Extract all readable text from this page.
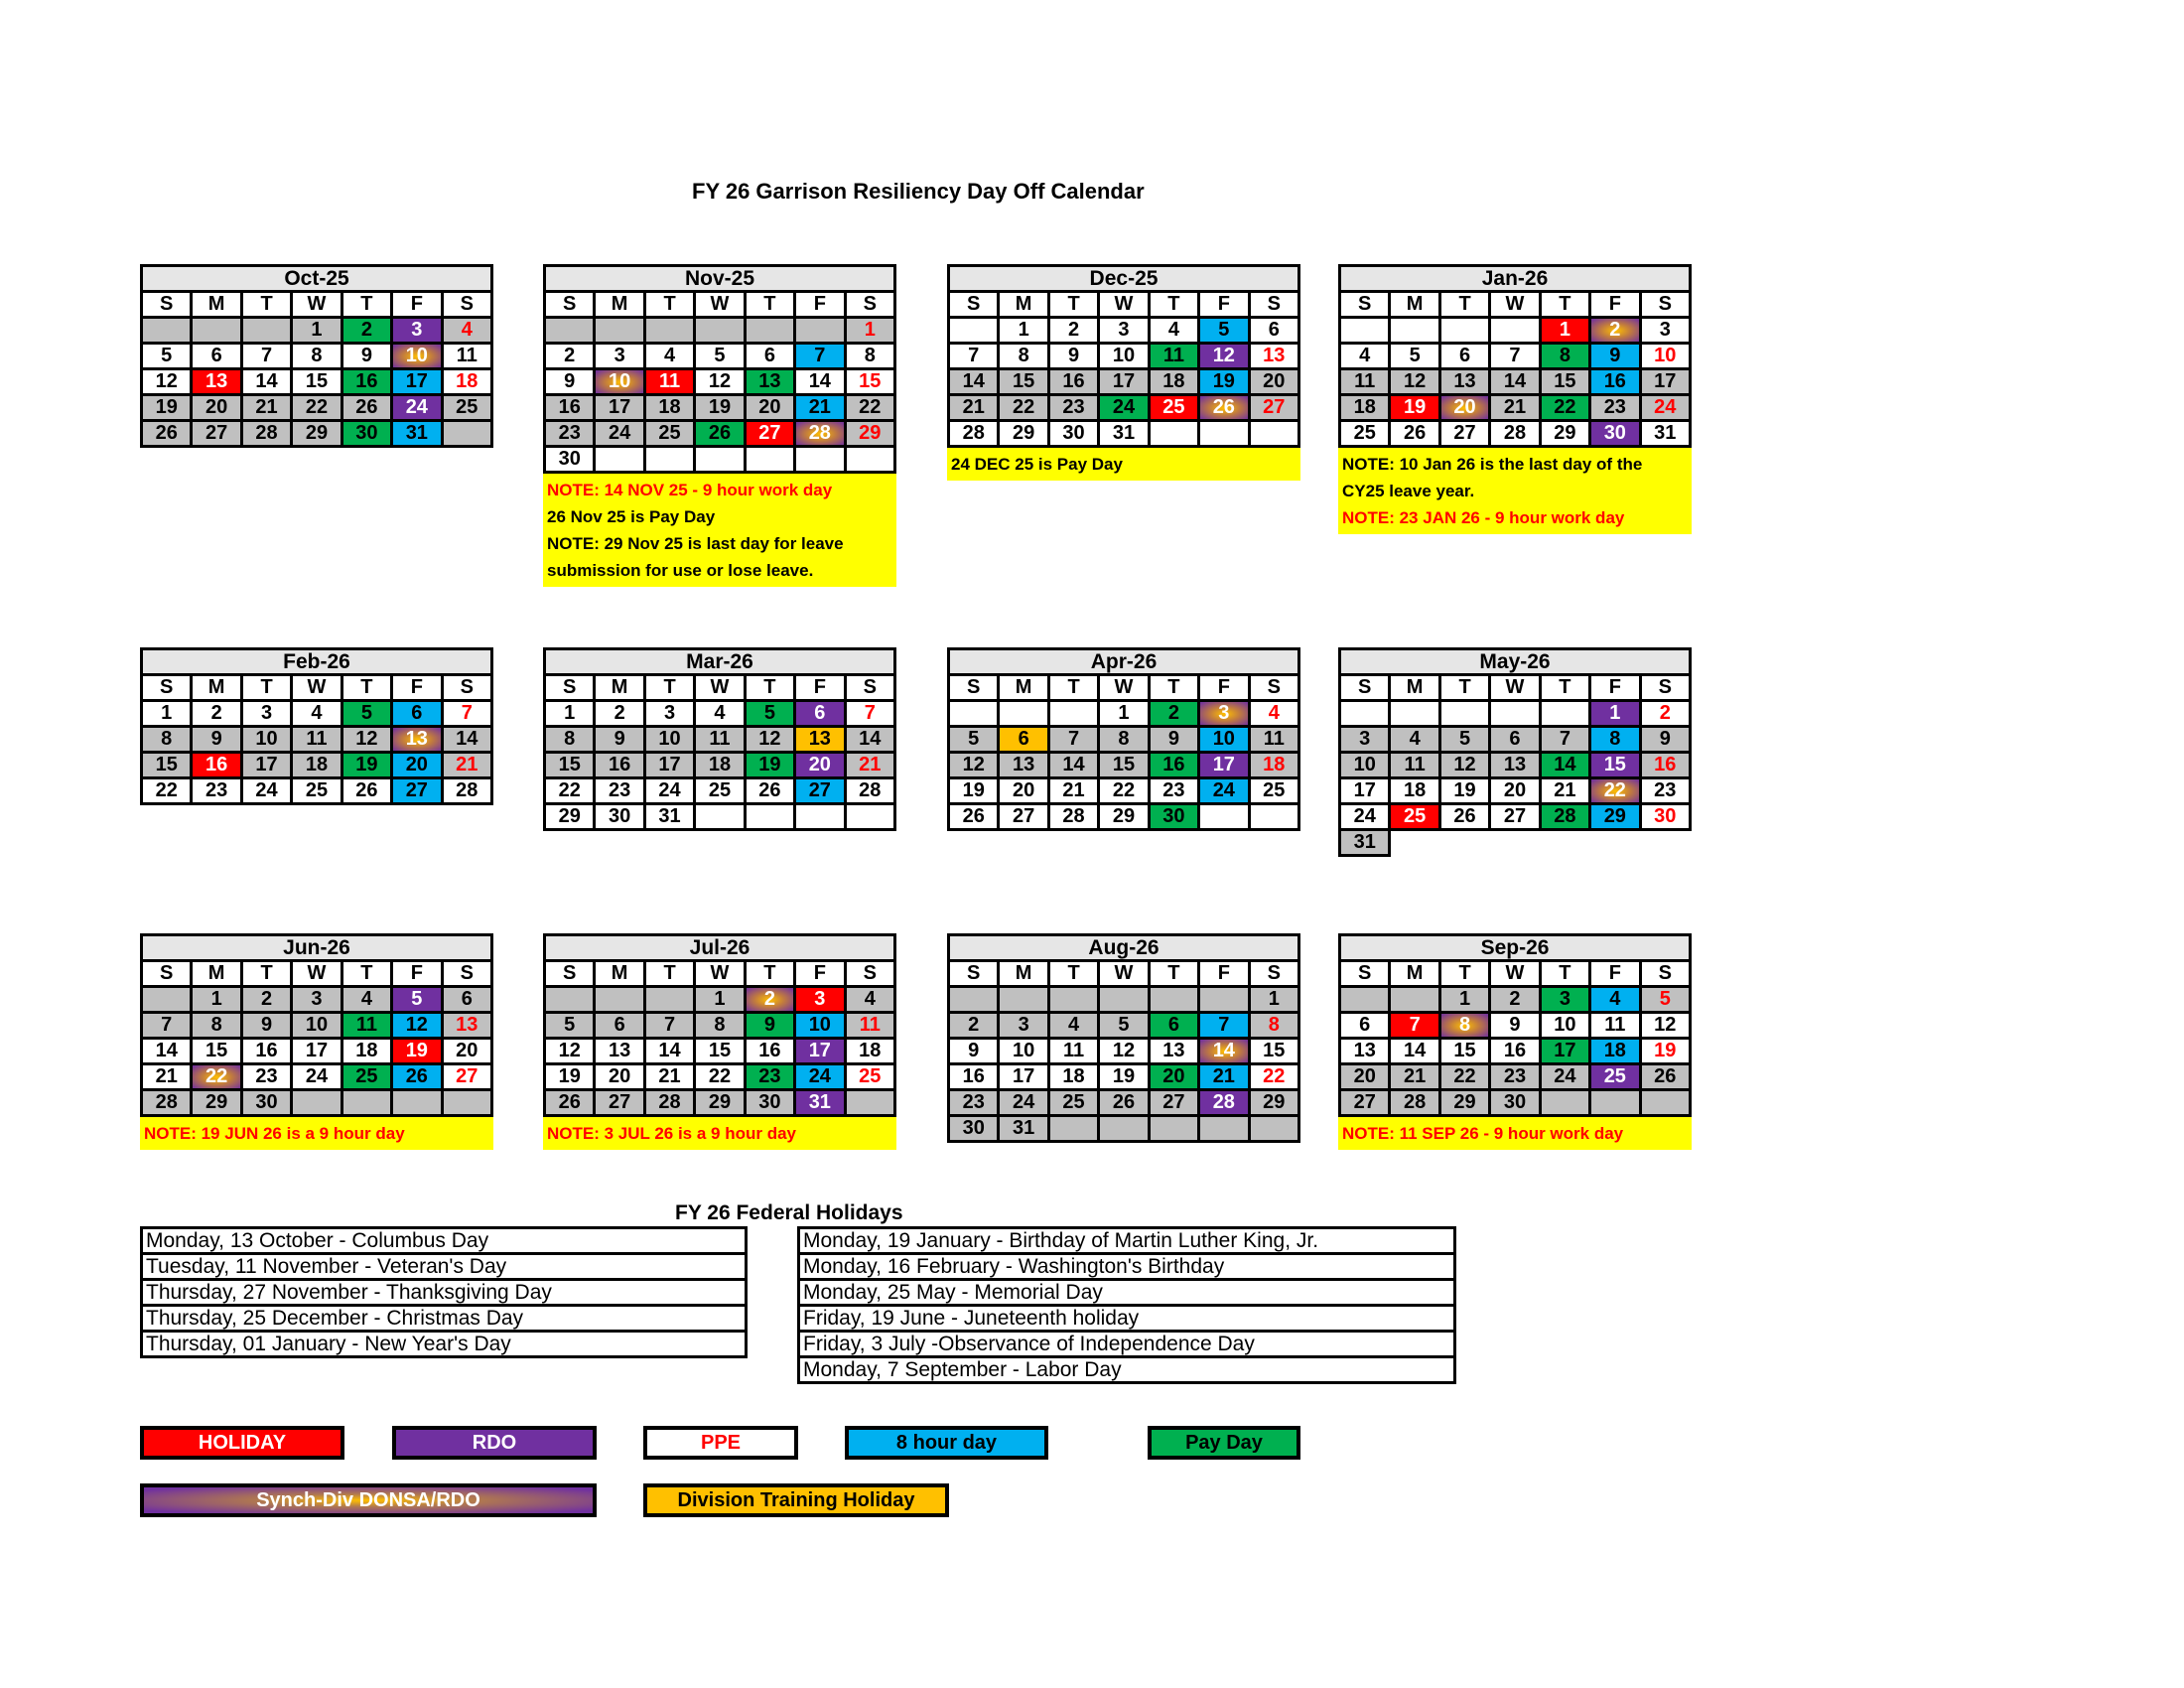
FY 26 Garrison Resiliency Day Off Calendar
Oct-25						
S	M	T	W	T	F	S
			1	2	3	4
5	6	7	8	9	10	11
12	13	14	15	16	17	18
19	20	21	22	26	24	25
26	27	28	29	30	31	
Nov-25						
S	M	T	W	T	F	S
						1
2	3	4	5	6	7	8
9	10	11	12	13	14	15
16	17	18	19	20	21	22
23	24	25	26	27	28	29
30						
NOTE: 14 NOV 25 - 9 hour work day
26 Nov 25 is Pay Day
NOTE: 29 Nov 25 is last day for leave submission for use or lose leave.
Dec-25						
S	M	T	W	T	F	S
	1	2	3	4	5	6
7	8	9	10	11	12	13
14	15	16	17	18	19	20
21	22	23	24	25	26	27
28	29	30	31			
24 DEC 25 is Pay Day
Jan-26						
S	M	T	W	T	F	S
				1	2	3
4	5	6	7	8	9	10
11	12	13	14	15	16	17
18	19	20	21	22	23	24
25	26	27	28	29	30	31
NOTE: 10 Jan 26 is the last day of the CY25 leave year.
NOTE: 23 JAN 26 - 9 hour work day
Feb-26						
S	M	T	W	T	F	S
1	2	3	4	5	6	7
8	9	10	11	12	13	14
15	16	17	18	19	20	21
22	23	24	25	26	27	28
Mar-26						
S	M	T	W	T	F	S
1	2	3	4	5	6	7
8	9	10	11	12	13	14
15	16	17	18	19	20	21
22	23	24	25	26	27	28
29	30	31				
Apr-26						
S	M	T	W	T	F	S
			1	2	3	4
5	6	7	8	9	10	11
12	13	14	15	16	17	18
19	20	21	22	23	24	25
26	27	28	29	30		
May-26						
S	M	T	W	T	F	S
					1	2
3	4	5	6	7	8	9
10	11	12	13	14	15	16
17	18	19	20	21	22	23
24	25	26	27	28	29	30
31						
Jun-26						
S	M	T	W	T	F	S
	1	2	3	4	5	6
7	8	9	10	11	12	13
14	15	16	17	18	19	20
21	22	23	24	25	26	27
28	29	30				
NOTE: 19 JUN 26 is a 9 hour day
Jul-26						
S	M	T	W	T	F	S
			1	2	3	4
5	6	7	8	9	10	11
12	13	14	15	16	17	18
19	20	21	22	23	24	25
26	27	28	29	30	31	
NOTE: 3 JUL 26 is a 9 hour day
Aug-26						
S	M	T	W	T	F	S
						1
2	3	4	5	6	7	8
9	10	11	12	13	14	15
16	17	18	19	20	21	22
23	24	25	26	27	28	29
30	31					
Sep-26						
S	M	T	W	T	F	S
		1	2	3	4	5
6	7	8	9	10	11	12
13	14	15	16	17	18	19
20	21	22	23	24	25	26
27	28	29	30			
NOTE: 11 SEP 26 - 9 hour work day
FY 26 Federal Holidays
Monday, 13 October - Columbus Day
Tuesday, 11 November - Veteran's Day
Thursday, 27 November - Thanksgiving Day
Thursday, 25 December - Christmas Day
Thursday, 01 January - New Year's Day
Monday, 19 January - Birthday of Martin Luther King, Jr.
Monday, 16 February - Washington's Birthday
Monday, 25 May - Memorial Day
Friday, 19 June - Juneteenth holiday
Friday, 3 July -Observance of Independence Day
Monday, 7 September - Labor Day
HOLIDAY	RDO	PPE	8 hour day	Pay Day
Synch-Div DONSA/RDO	Division Training Holiday
